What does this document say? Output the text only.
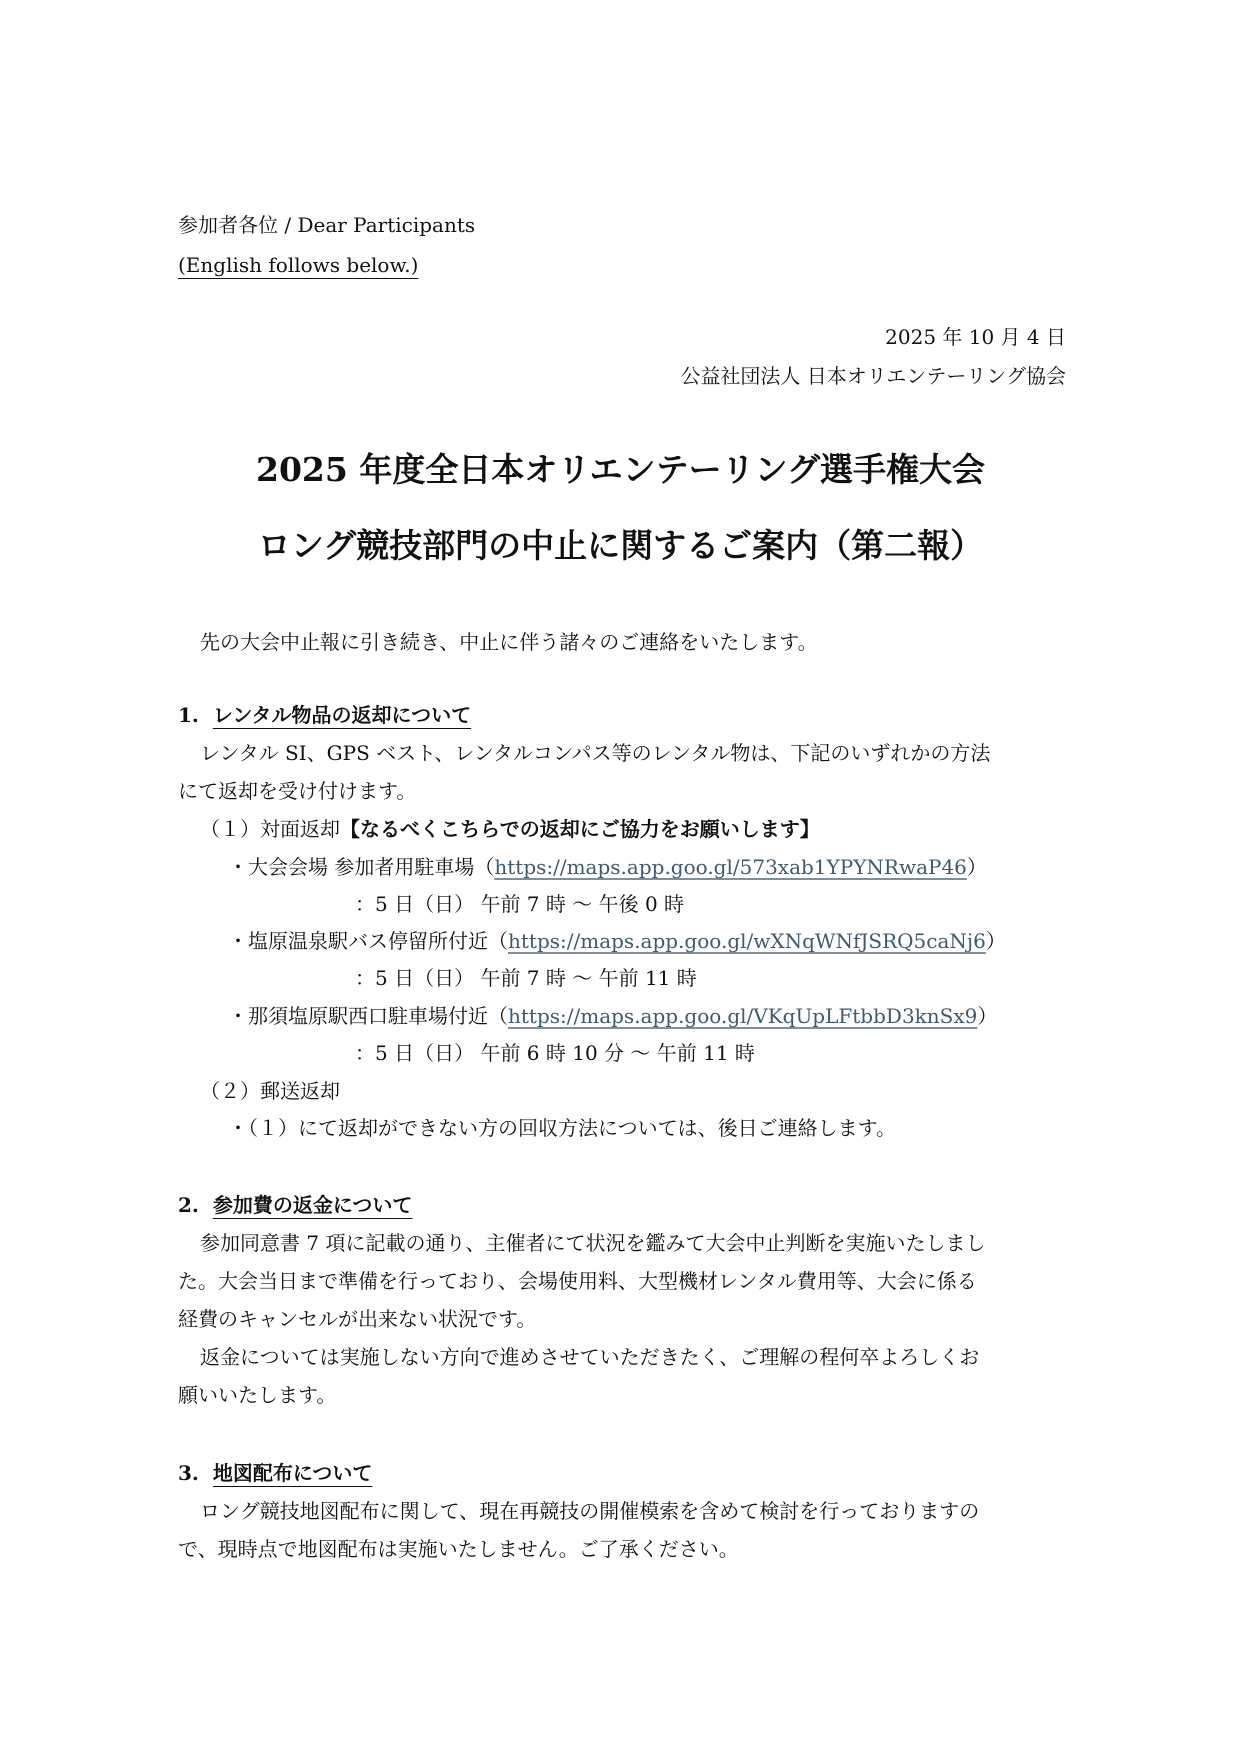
参加者各位 / Dear Participants
(English follows below.)
2025 年 10 月 4 日
公益社団法人 日本オリエンテーリング協会
2025 年度全日本オリエンテーリング選手権大会
ロング競技部門の中止に関するご案内（第二報）
先の大会中止報に引き続き、中止に伴う諸々のご連絡をいたします。
1. レンタル物品の返却について
レンタル SI、GPS ベスト、レンタルコンパス等のレンタル物は、下記のいずれかの方法
にて返却を受け付けます。
（１）対面返却【なるべくこちらでの返却にご協力をお願いします】
・大会会場 参加者用駐車場（https://maps.app.goo.gl/573xab1YPYNRwaP46）
：5 日（日） 午前 7 時 ～ 午後 0 時
・塩原温泉駅バス停留所付近（https://maps.app.goo.gl/wXNqWNfJSRQ5caNj6）
：5 日（日） 午前 7 時 ～ 午前 11 時
・那須塩原駅西口駐車場付近（https://maps.app.goo.gl/VKqUpLFtbbD3knSx9）
：5 日（日） 午前 6 時 10 分 ～ 午前 11 時
（２）郵送返却
・（１）にて返却ができない方の回収方法については、後日ご連絡します。
2. 参加費の返金について
参加同意書 7 項に記載の通り、主催者にて状況を鑑みて大会中止判断を実施いたしまし
た。大会当日まで準備を行っており、会場使用料、大型機材レンタル費用等、大会に係る
経費のキャンセルが出来ない状況です。
返金については実施しない方向で進めさせていただきたく、ご理解の程何卒よろしくお
願いいたします。
3. 地図配布について
ロング競技地図配布に関して、現在再競技の開催模索を含めて検討を行っておりますの
で、現時点で地図配布は実施いたしません。ご了承ください。
